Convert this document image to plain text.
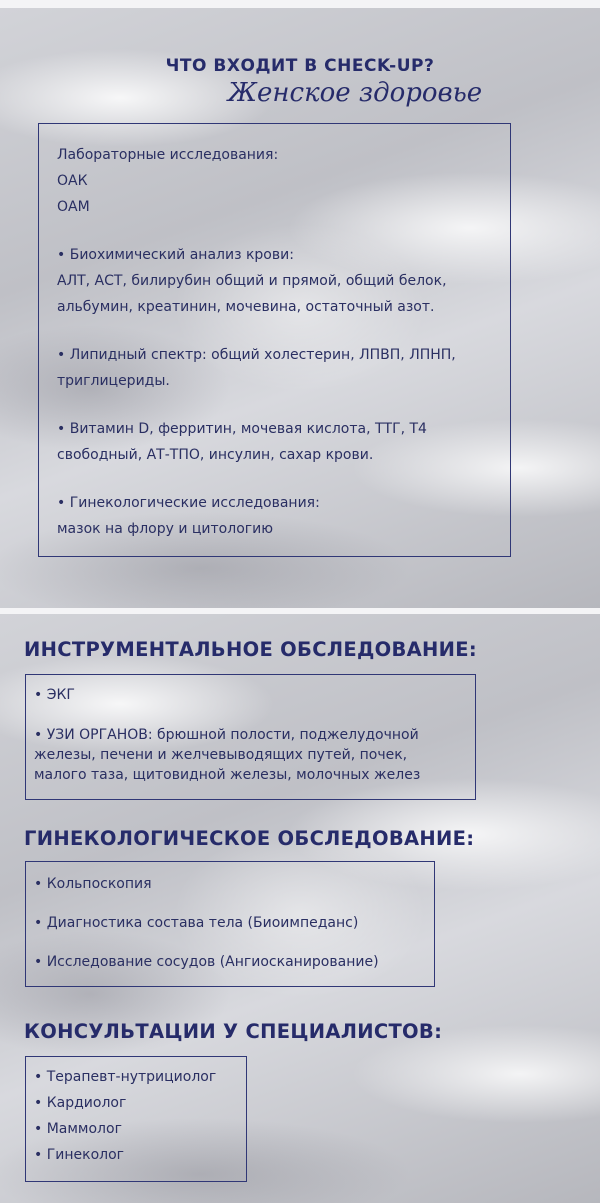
ЧТО ВХОДИТ В CHECK-UP?
Женское здоровье
Лабораторные исследования:
ОАК
ОАМ
• Биохимический анализ крови:
АЛТ, АСТ, билирубин общий и прямой, общий белок,
альбумин, креатинин, мочевина, остаточный азот.
• Липидный спектр: общий холестерин, ЛПВП, ЛПНП,
триглицериды.
• Витамин D, ферритин, мочевая кислота, ТТГ, Т4
свободный, АТ-ТПО, инсулин, сахар крови.
• Гинекологические исследования:
мазок на флору и цитологию
ИНСТРУМЕНТАЛЬНОЕ ОБСЛЕДОВАНИЕ:
• ЭКГ
• УЗИ ОРГАНОВ: брюшной полости, поджелудочной
железы, печени и желчевыводящих путей, почек,
малого таза, щитовидной железы, молочных желез
ГИНЕКОЛОГИЧЕСКОЕ ОБСЛЕДОВАНИЕ:
• Кольпоскопия
• Диагностика состава тела (Биоимпеданс)
• Исследование сосудов (Ангиосканирование)
КОНСУЛЬТАЦИИ У СПЕЦИАЛИСТОВ:
• Терапевт-нутрициолог
• Кардиолог
• Маммолог
• Гинеколог
